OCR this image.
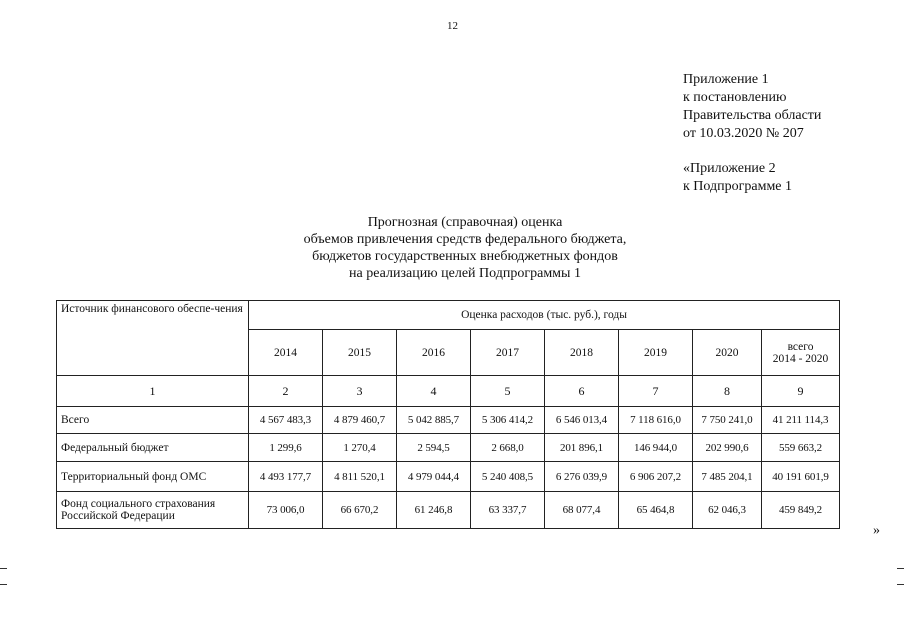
12
Приложение 1
к постановлению
Правительства области
от 10.03.2020 № 207
«Приложение 2
к Подпрограмме 1
Прогнозная (справочная) оценка
объемов привлечения средств федерального бюджета,
бюджетов государственных внебюджетных фондов
на реализацию целей Подпрограммы 1
Источник финансового обеспе-чения	Оценка расходов (тыс. руб.), годы							
	2014	2015	2016	2017	2018	2019	2020	всего
2014 - 2020

1	2	3	4	5	6	7	8	9
Всего	4 567 483,3	4 879 460,7	5 042 885,7	5 306 414,2	6 546 013,4	7 118 616,0	7 750 241,0	41 211 114,3
Федеральный бюджет	1 299,6	1 270,4	2 594,5	2 668,0	201 896,1	146 944,0	202 990,6	559 663,2
Территориальный фонд ОМС	4 493 177,7	4 811 520,1	4 979 044,4	5 240 408,5	6 276 039,9	6 906 207,2	7 485 204,1	40 191 601,9
Фонд социального страхования Российской Федерации	73 006,0	66 670,2	61 246,8	63 337,7	68 077,4	65 464,8	62 046,3	459 849,2
»
